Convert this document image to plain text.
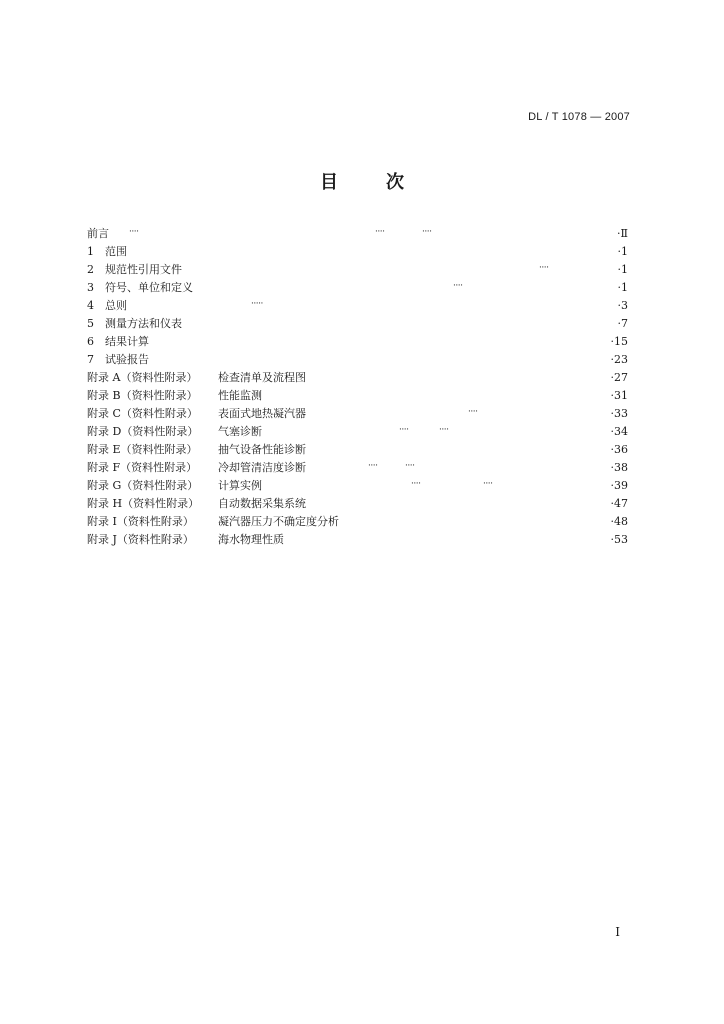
DL / T 1078 — 2007
目	次
前言 ····	····	····	·Ⅱ
1 范围	·1
2 规范性引用文件	····	·1
3 符号、单位和定义	····	·1
4 总则	·····	·3
5 测量方法和仪表	·7
6 结果计算	·15
7 试验报告	·23
附录 A（资料性附录） 检查清单及流程图	·27
附录 B（资料性附录） 性能监测	·31
附录 C（资料性附录） 表面式地热凝汽器	····	·33
附录 D（资料性附录） 气塞诊断	····	····	·34
附录 E（资料性附录） 抽气设备性能诊断	·36
附录 F（资料性附录） 冷却管清洁度诊断	····	····	·38
附录 G（资料性附录） 计算实例	····	····	·39
附录 H（资料性附录） 自动数据采集系统	·47
附录 I（资料性附录） 凝汽器压力不确定度分析	·48
附录 J（资料性附录） 海水物理性质	·53
I
